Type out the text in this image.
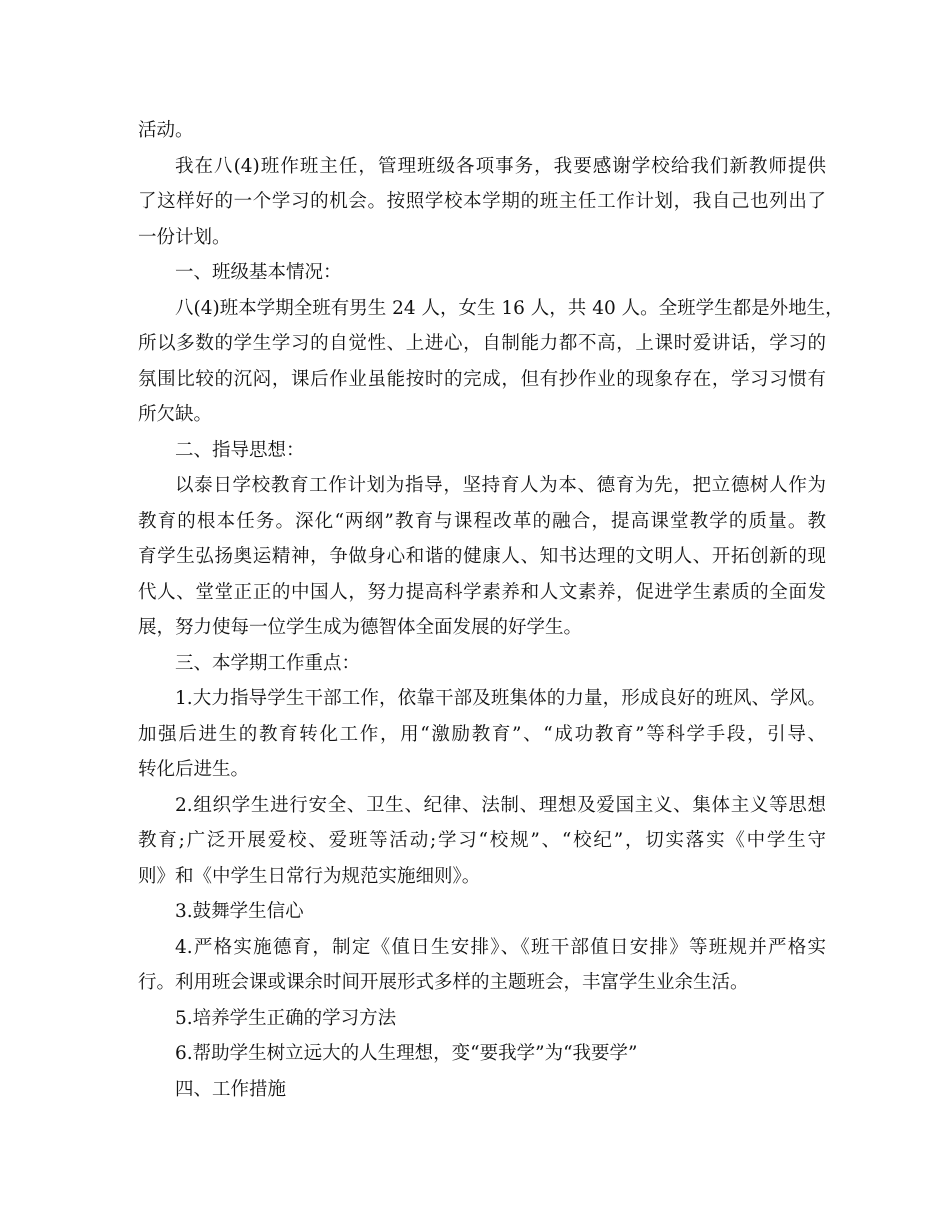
活动。
我在八(4)班作班主任，管理班级各项事务，我要感谢学校给我们新教师提供
了这样好的一个学习的机会。按照学校本学期的班主任工作计划，我自己也列出了
一份计划。
一、班级基本情况：
八(4)班本学期全班有男生 24 人，女生 16 人，共 40 人。全班学生都是外地生，
所以多数的学生学习的自觉性、上进心，自制能力都不高，上课时爱讲话，学习的
氛围比较的沉闷，课后作业虽能按时的完成，但有抄作业的现象存在，学习习惯有
所欠缺。
二、指导思想：
以泰日学校教育工作计划为指导，坚持育人为本、德育为先，把立德树人作为
教育的根本任务。深化“两纲”教育与课程改革的融合，提高课堂教学的质量。教
育学生弘扬奥运精神，争做身心和谐的健康人、知书达理的文明人、开拓创新的现
代人、堂堂正正的中国人，努力提高科学素养和人文素养，促进学生素质的全面发
展，努力使每一位学生成为德智体全面发展的好学生。
三、本学期工作重点：
1.大力指导学生干部工作，依靠干部及班集体的力量，形成良好的班风、学风。
加强后进生的教育转化工作，用“激励教育”、“成功教育”等科学手段，引导、
转化后进生。
2.组织学生进行安全、卫生、纪律、法制、理想及爱国主义、集体主义等思想
教育;广泛开展爱校、爱班等活动;学习“校规”、“校纪”，切实落实《中学生守
则》和《中学生日常行为规范实施细则》。
3.鼓舞学生信心
4.严格实施德育，制定《值日生安排》、《班干部值日安排》等班规并严格实
行。利用班会课或课余时间开展形式多样的主题班会，丰富学生业余生活。
5.培养学生正确的学习方法
6.帮助学生树立远大的人生理想，变“要我学”为“我要学”
四、工作措施
